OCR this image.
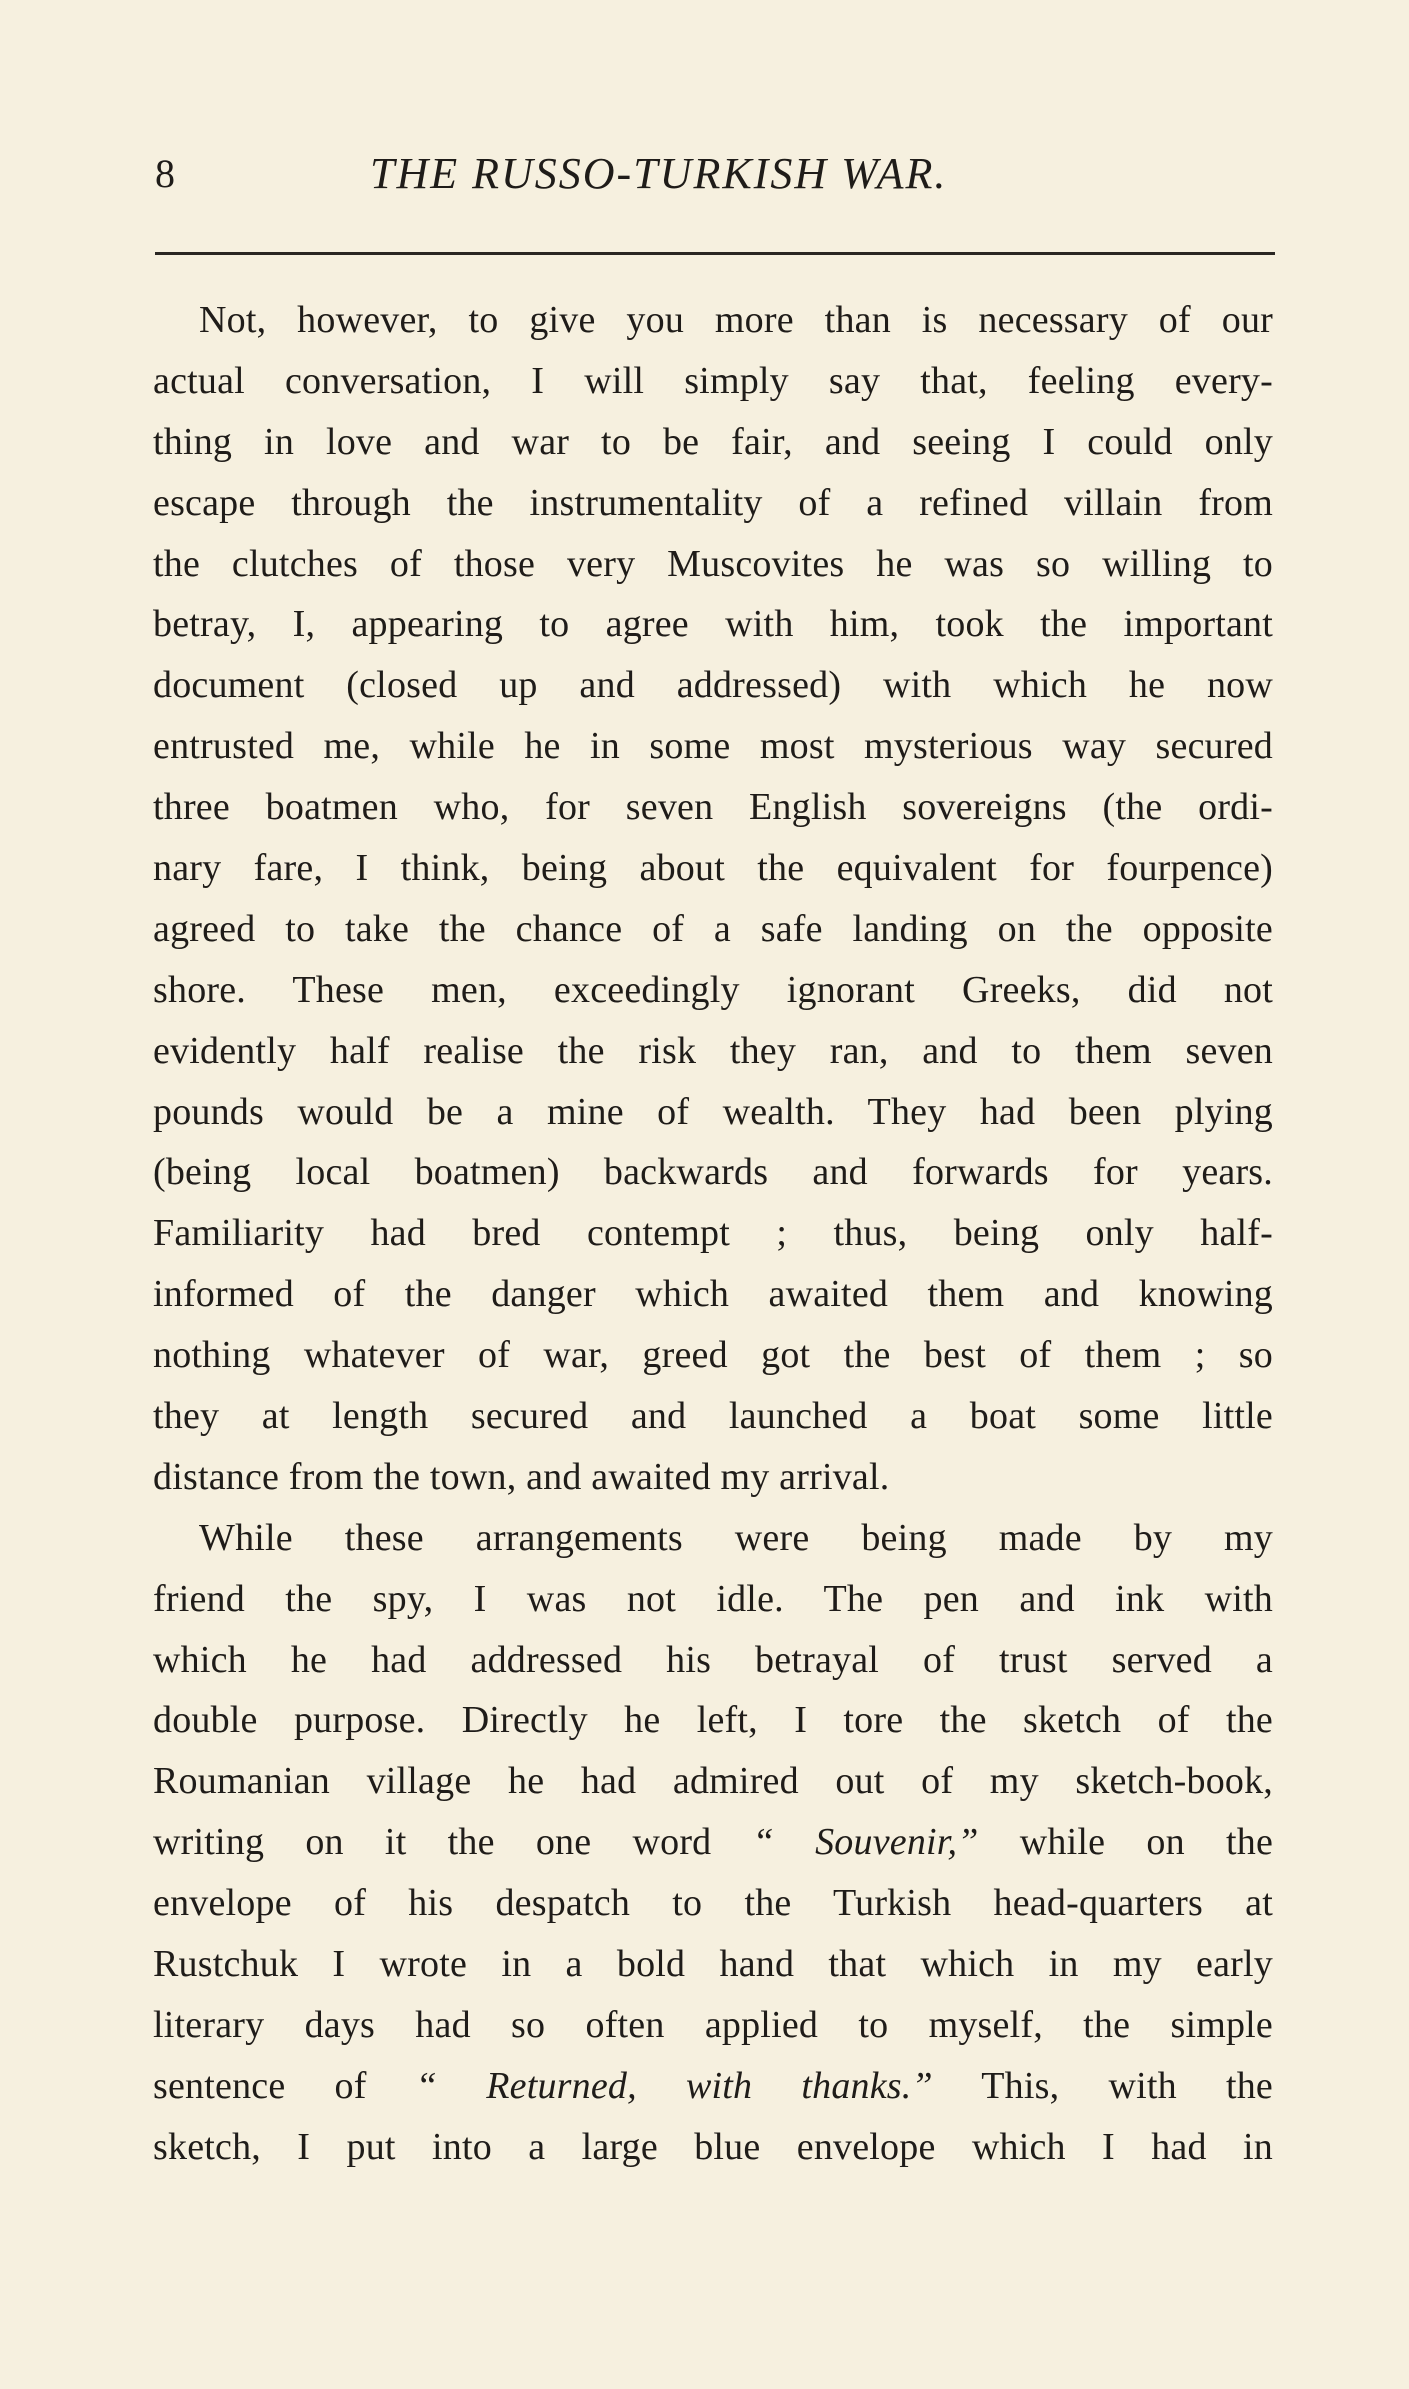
8	THE RUSSO-TURKISH WAR.
Not, however, to give you more than is necessary of our
actual conversation, I will simply say that, feeling every-
thing in love and war to be fair, and seeing I could only
escape through the instrumentality of a refined villain from
the clutches of those very Muscovites he was so willing to
betray, I, appearing to agree with him, took the important
document (closed up and addressed) with which he now
entrusted me, while he in some most mysterious way secured
three boatmen who, for seven English sovereigns (the ordi-
nary fare, I think, being about the equivalent for fourpence)
agreed to take the chance of a safe landing on the opposite
shore. These men, exceedingly ignorant Greeks, did not
evidently half realise the risk they ran, and to them seven
pounds would be a mine of wealth. They had been plying
(being local boatmen) backwards and forwards for years.
Familiarity had bred contempt ; thus, being only half-
informed of the danger which awaited them and knowing
nothing whatever of war, greed got the best of them ; so
they at length secured and launched a boat some little
distance from the town, and awaited my arrival.
While these arrangements were being made by my
friend the spy, I was not idle. The pen and ink with
which he had addressed his betrayal of trust served a
double purpose. Directly he left, I tore the sketch of the
Roumanian village he had admired out of my sketch-book,
writing on it the one word “ Souvenir,” while on the
envelope of his despatch to the Turkish head-quarters at
Rustchuk I wrote in a bold hand that which in my early
literary days had so often applied to myself, the simple
sentence of “ Returned, with thanks.” This, with the
sketch, I put into a large blue envelope which I had in
